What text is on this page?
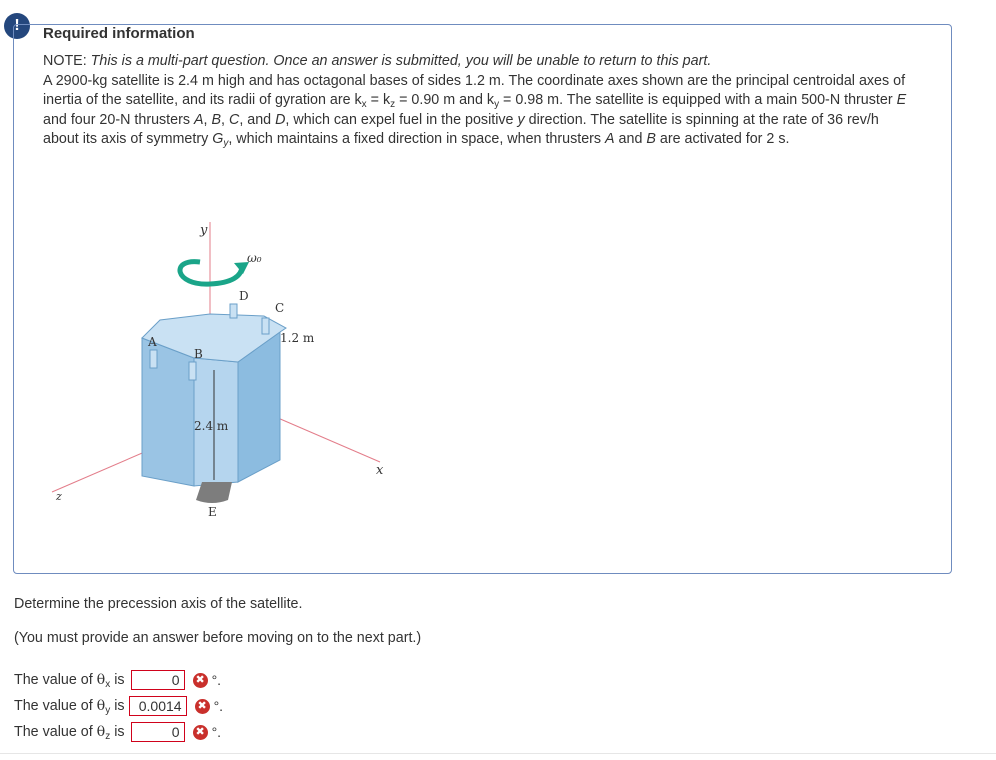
!	Required information

NOTE: This is a multi-part question. Once an answer is submitted, you will be unable to return to this part.

A 2900-kg satellite is 2.4 m high and has octagonal bases of sides 1.2 m. The coordinate axes shown are the principal centroidal axes of inertia of the satellite, and its radii of gyration are $k_x = k_z = 0.90$ m and $k_y = 0.98$ m. The satellite is equipped with a main 500-N thruster E and four 20-N thrusters A, B, C, and D, which can expel fuel in the positive y direction. The satellite is spinning at the rate of 36 rev/h about its axis of symmetry $G_y$, which maintains a fixed direction in space, when thrusters A and B are activated for 2 s.

y
ω₀
D
C
A
B
1.2 m
2.4 m
E
x
z
Determine the precession axis of the satellite.
(You must provide an answer before moving on to the next part.)
The value of $\theta_x$ is
0	✖ °.
The value of $\theta_y$ is
0.0014	✖ °.
The value of $\theta_z$ is
0	✖ °.
